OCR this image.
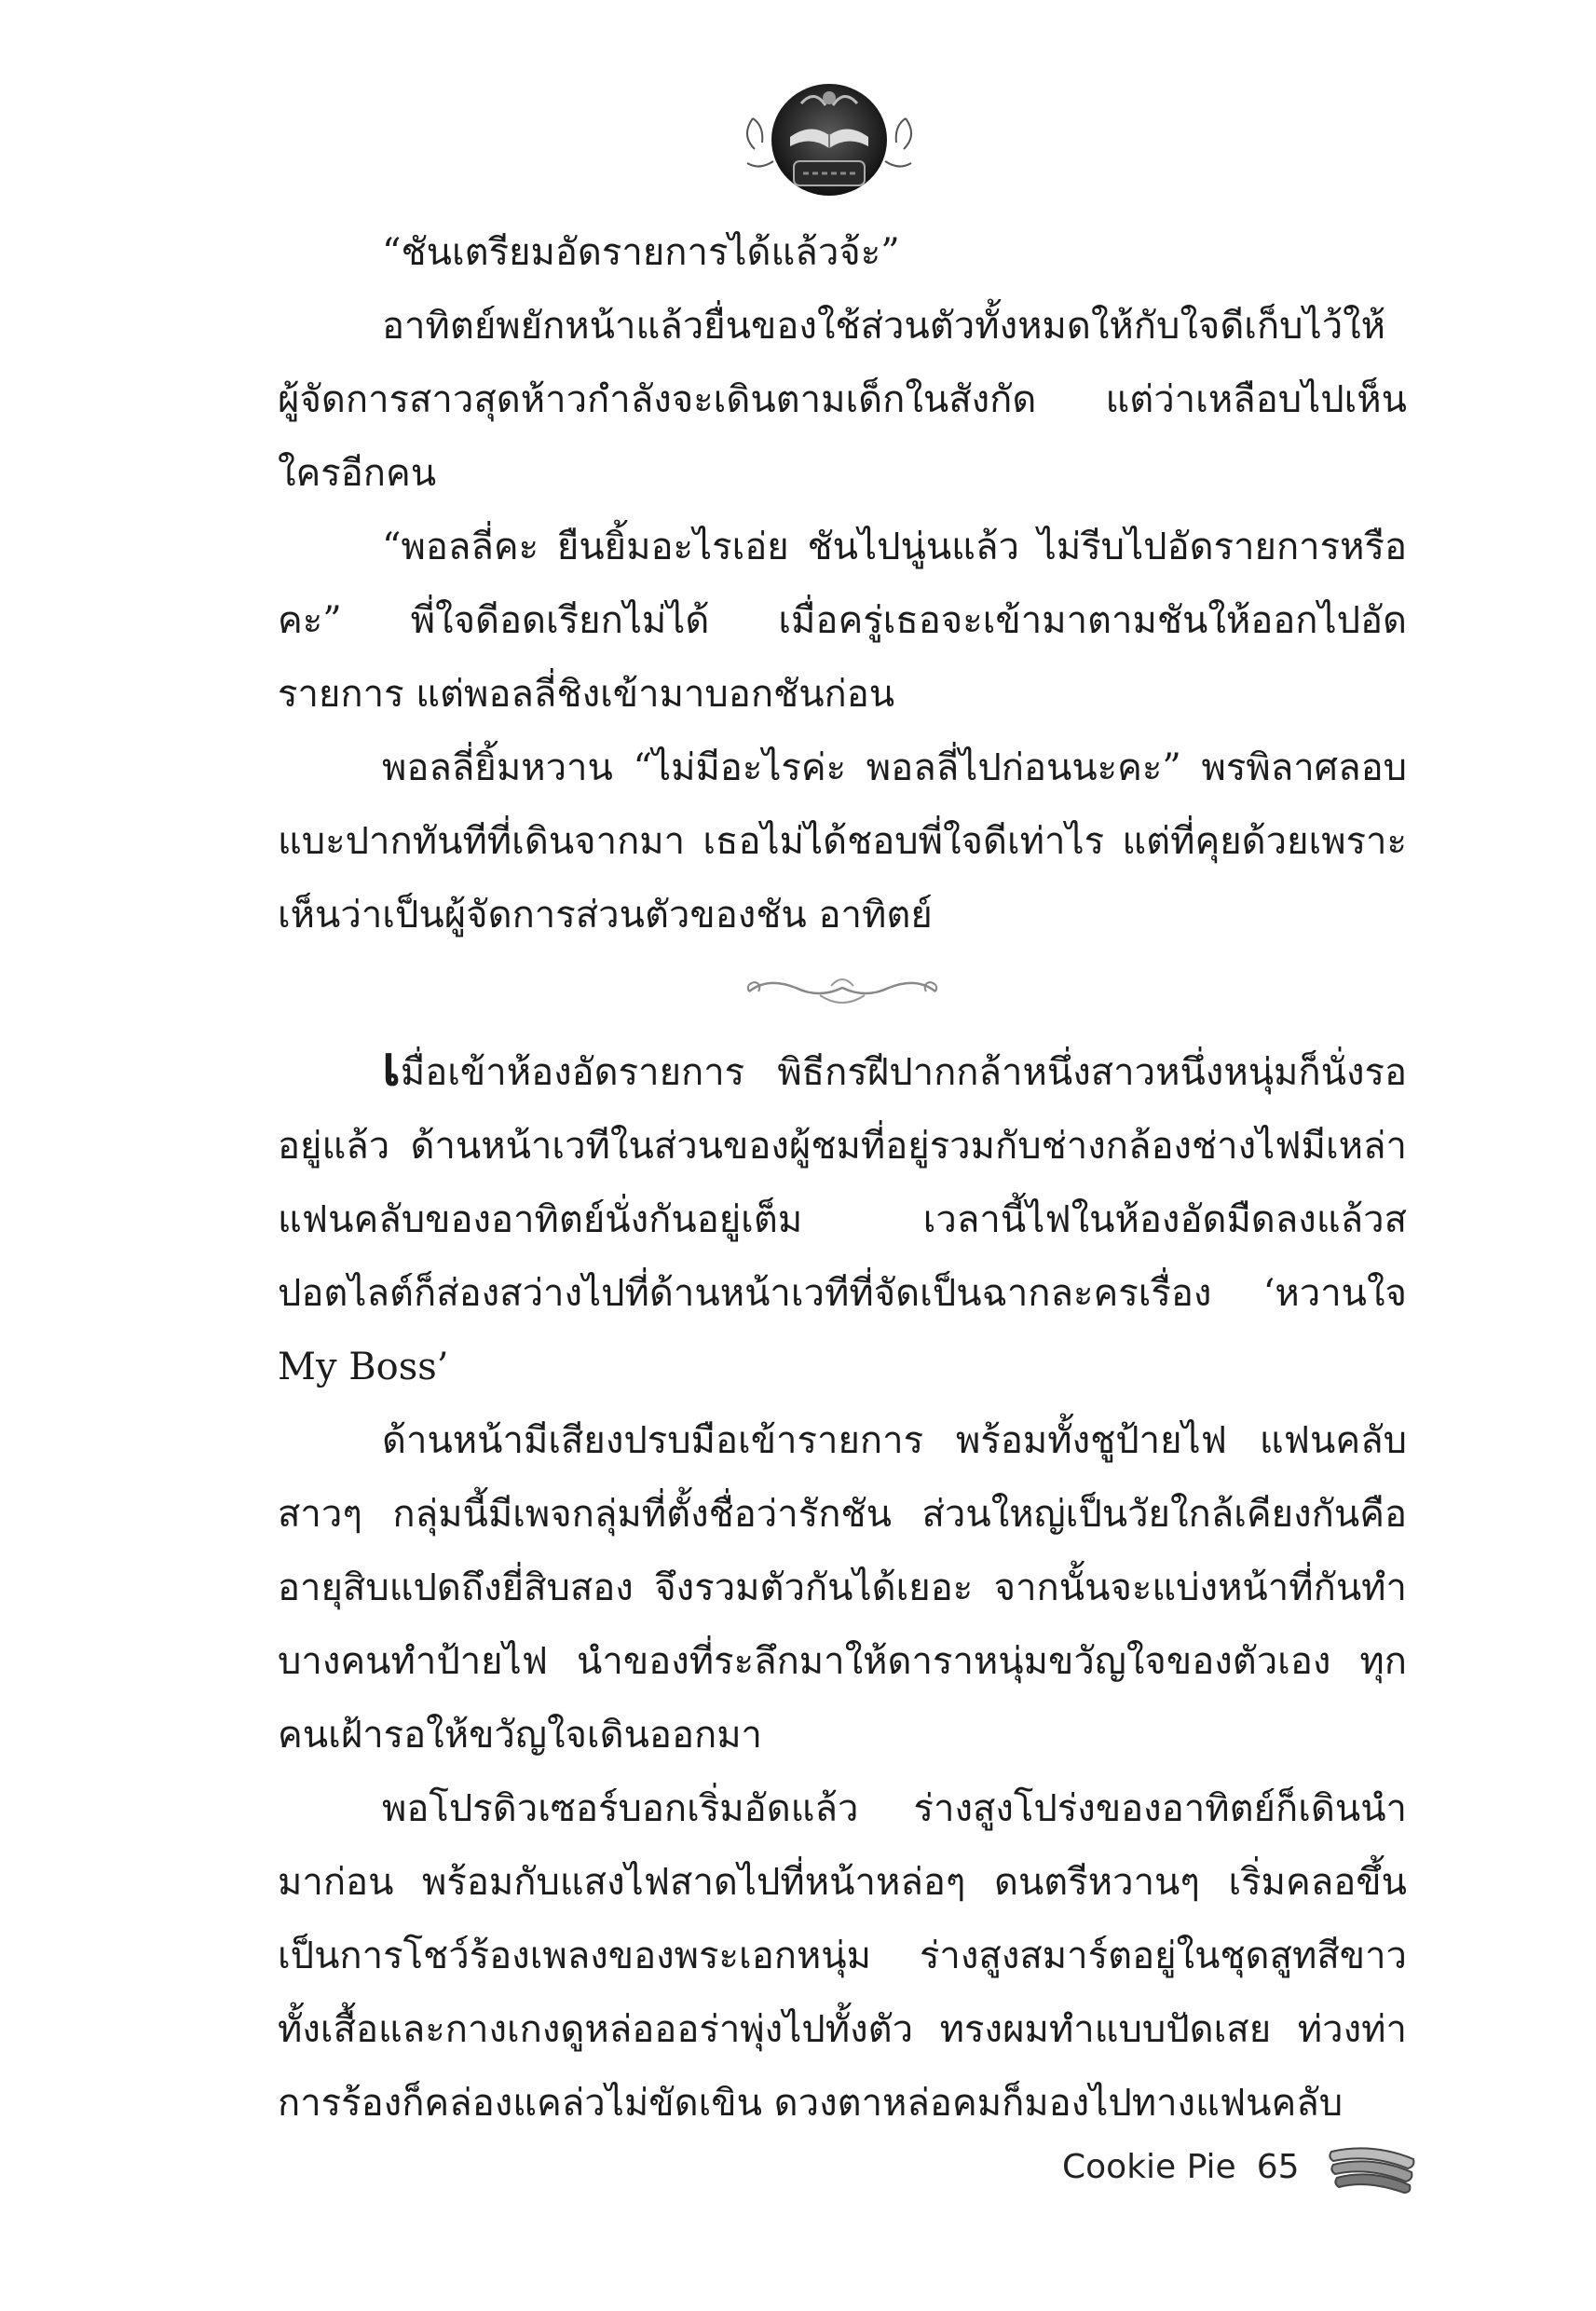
“ชันเตรียมอัดรายการได้แล้วจ้ะ”

อาทิตย์พยักหน้าแล้วยื่นของใช้ส่วนตัวทั้งหมดให้กับใจดีเก็บไว้ให้ ผู้จัดการสาวสุดห้าวกำลังจะเดินตามเด็กในสังกัด แต่ว่าเหลือบไปเห็นใครอีกคน

“พอลลี่คะ ยืนยิ้มอะไรเอ่ย ชันไปนู่นแล้ว ไม่รีบไปอัดรายการหรือคะ” พี่ใจดีอดเรียกไม่ได้ เมื่อครู่เธอจะเข้ามาตามชันให้ออกไปอัดรายการ แต่พอลลี่ชิงเข้ามาบอกชันก่อน

พอลลี่ยิ้มหวาน “ไม่มีอะไรค่ะ พอลลี่ไปก่อนนะคะ” พรพิลาศลอบแบะปากทันทีที่เดินจากมา เธอไม่ได้ชอบพี่ใจดีเท่าไร แต่ที่คุยด้วยเพราะเห็นว่าเป็นผู้จัดการส่วนตัวของชัน อาทิตย์

เมื่อเข้าห้องอัดรายการ พิธีกรฝีปากกล้าหนึ่งสาวหนึ่งหนุ่มก็นั่งรออยู่แล้ว ด้านหน้าเวทีในส่วนของผู้ชมที่อยู่รวมกับช่างกล้องช่างไฟมีเหล่าแฟนคลับของอาทิตย์นั่งกันอยู่เต็ม เวลานี้ไฟในห้องอัดมืดลงแล้วสปอตไลต์ก็ส่องสว่างไปที่ด้านหน้าเวทีที่จัดเป็นฉากละครเรื่อง ‘หวานใจ My Boss’

ด้านหน้ามีเสียงปรบมือเข้ารายการ พร้อมทั้งชูป้ายไฟ แฟนคลับสาวๆ กลุ่มนี้มีเพจกลุ่มที่ตั้งชื่อว่ารักชัน ส่วนใหญ่เป็นวัยใกล้เคียงกันคืออายุสิบแปดถึงยี่สิบสอง จึงรวมตัวกันได้เยอะ จากนั้นจะแบ่งหน้าที่กันทำ บางคนทำป้ายไฟ นำของที่ระลึกมาให้ดาราหนุ่มขวัญใจของตัวเอง ทุกคนเฝ้ารอให้ขวัญใจเดินออกมา

พอโปรดิวเซอร์บอกเริ่มอัดแล้ว ร่างสูงโปร่งของอาทิตย์ก็เดินนำมาก่อน พร้อมกับแสงไฟสาดไปที่หน้าหล่อๆ ดนตรีหวานๆ เริ่มคลอขึ้น เป็นการโชว์ร้องเพลงของพระเอกหนุ่ม ร่างสูงสมาร์ตอยู่ในชุดสูทสีขาวทั้งเสื้อและกางเกงดูหล่อออร่าพุ่งไปทั้งตัว ทรงผมทำแบบปัดเสย ท่วงท่าการร้องก็คล่องแคล่วไม่ขัดเขิน ดวงตาหล่อคมก็มองไปทางแฟนคลับ

Cookie Pie 65
